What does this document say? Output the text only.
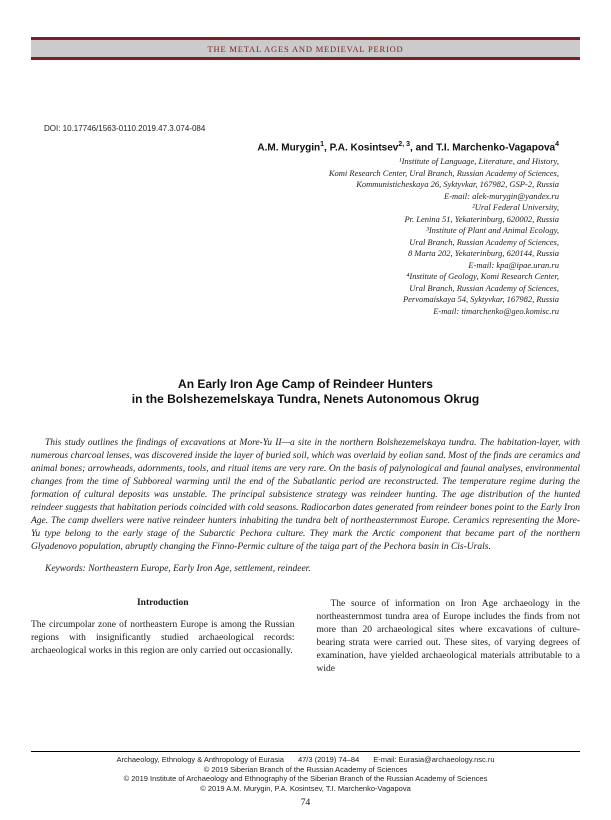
THE METAL AGES AND MEDIEVAL PERIOD
DOI: 10.17746/1563-0110.2019.47.3.074-084
A.M. Murygin$^1$, P.A. Kosintsev$^{2, 3}$, and T.I. Marchenko-Vagapova$^4$
¹Institute of Language, Literature, and History,
Komi Research Center, Ural Branch, Russian Academy of Sciences,
Kommunisticheskaya 26, Syktyvkar, 167982, GSP-2, Russia
E-mail: alek-murygin@yandex.ru
²Ural Federal University,
Pr. Lenina 51, Yekaterinburg, 620002, Russia
³Institute of Plant and Animal Ecology,
Ural Branch, Russian Academy of Sciences,
8 Marta 202, Yekaterinburg, 620144, Russia
E-mail: kpa@ipae.uran.ru
⁴Institute of Geology, Komi Research Center,
Ural Branch, Russian Academy of Sciences,
Pervomaiskaya 54, Syktyvkar, 167982, Russia
E-mail: timarchenko@geo.komisc.ru
An Early Iron Age Camp of Reindeer Hunters
in the Bolshezemelskaya Tundra, Nenets Autonomous Okrug
This study outlines the findings of excavations at More-Yu II—a site in the northern Bolshezemelskaya tundra. The habitation-layer, with numerous charcoal lenses, was discovered inside the layer of buried soil, which was overlaid by eolian sand. Most of the finds are ceramics and animal bones; arrowheads, adornments, tools, and ritual items are very rare. On the basis of palynological and faunal analyses, environmental changes from the time of Subboreal warming until the end of the Subatlantic period are reconstructed. The temperature regime during the formation of cultural deposits was unstable. The principal subsistence strategy was reindeer hunting. The age distribution of the hunted reindeer suggests that habitation periods coincided with cold seasons. Radiocarbon dates generated from reindeer bones point to the Early Iron Age. The camp dwellers were native reindeer hunters inhabiting the tundra belt of northeasternmost Europe. Ceramics representing the More-Yu type belong to the early stage of the Subarctic Pechora culture. They mark the Arctic component that became part of the northern Glyadenovo population, abruptly changing the Finno-Permic culture of the taiga part of the Pechora basin in Cis-Urals.
Keywords: Northeastern Europe, Early Iron Age, settlement, reindeer.
Introduction

The circumpolar zone of northeastern Europe is among the Russian regions with insignificantly studied archaeological records: archaeological works in this region are only carried out occasionally.

The source of information on Iron Age archaeology in the northeasternmost tundra area of Europe includes the finds from not more than 20 archaeological sites where excavations of culture-bearing strata were carried out. These sites, of varying degrees of examination, have yielded archaeological materials attributable to a wide

Archaeology, Ethnology & Anthropology of Eurasia 47/3 (2019) 74–84 E-mail: Eurasia@archaeology.nsc.ru
© 2019 Siberian Branch of the Russian Academy of Sciences
© 2019 Institute of Archaeology and Ethnography of the Siberian Branch of the Russian Academy of Sciences
© 2019 A.M. Murygin, P.A. Kosintsev, T.I. Marchenko-Vagapova
74
